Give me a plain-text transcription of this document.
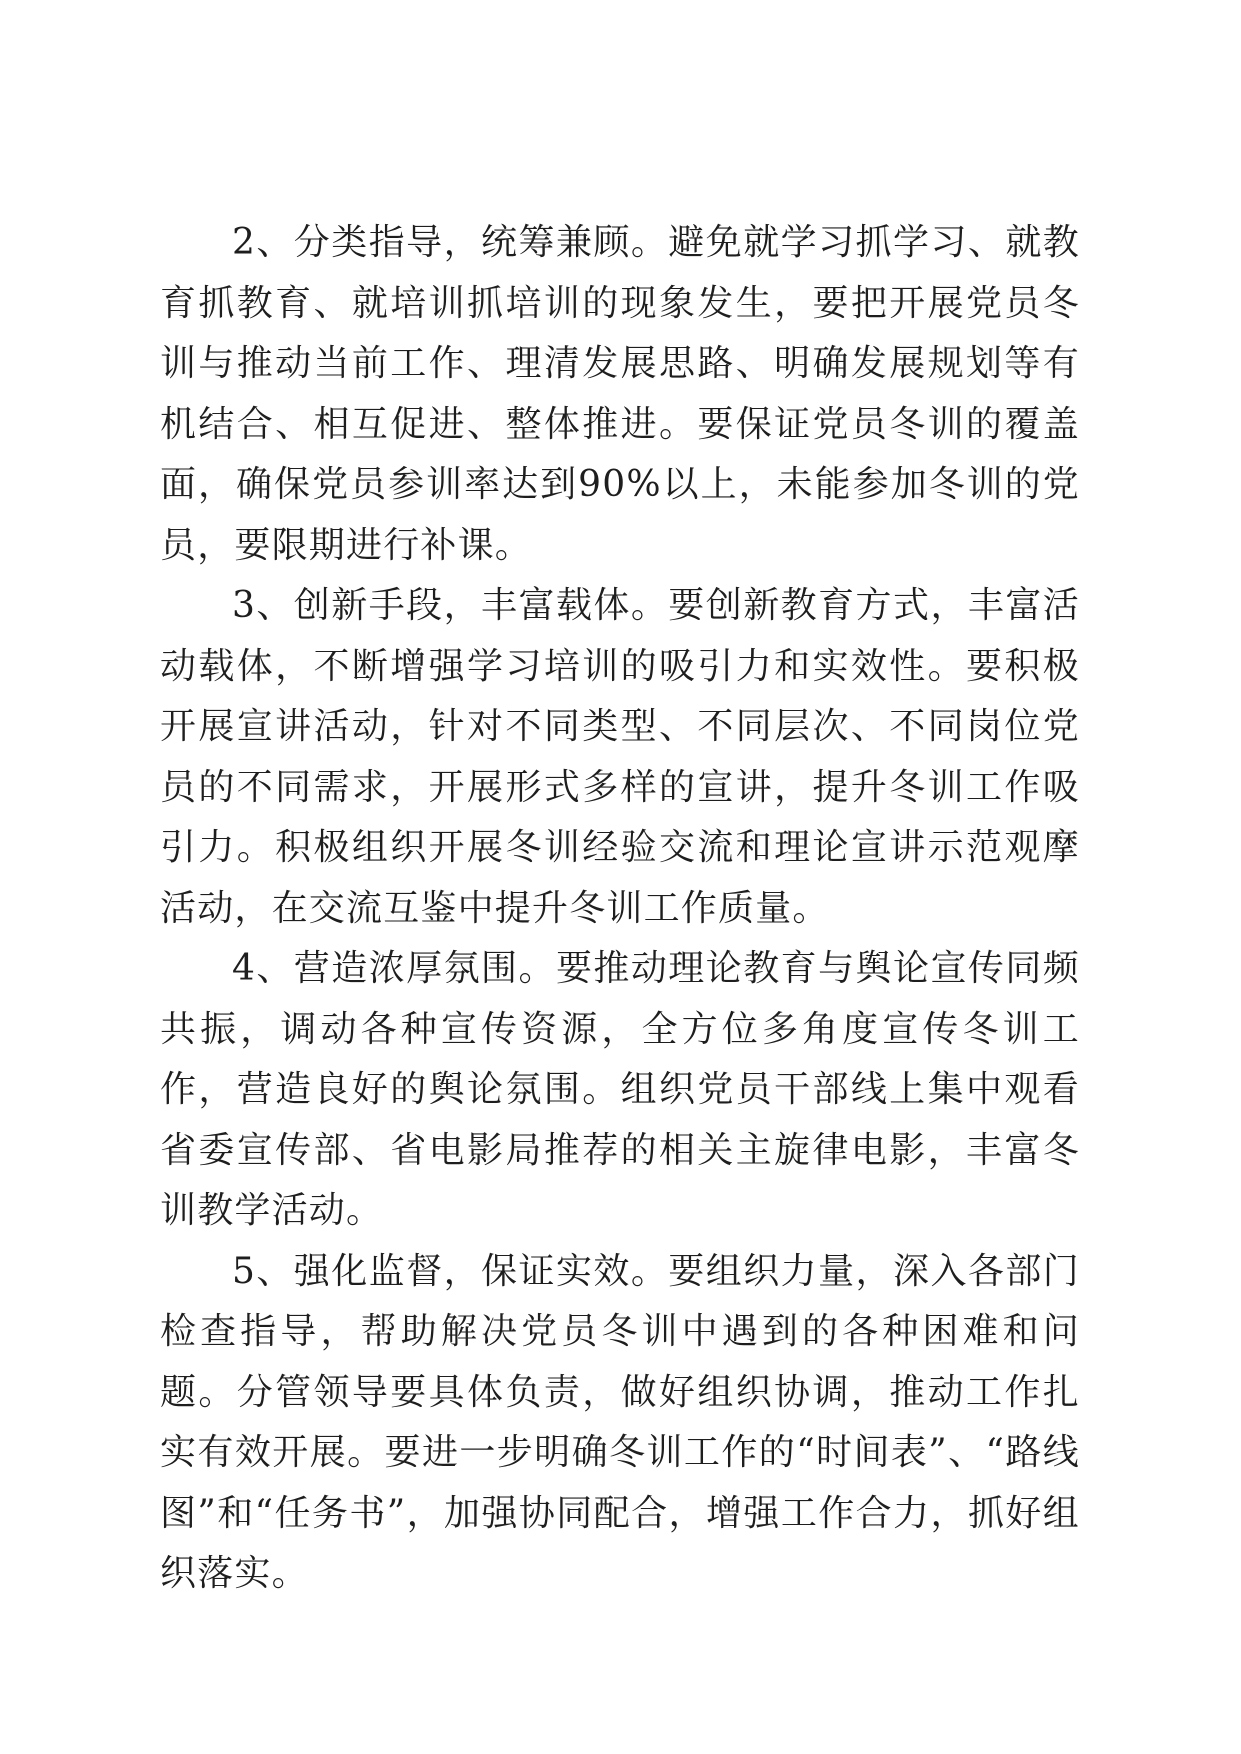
2、分类指导，统筹兼顾。避免就学习抓学习、就教育抓教育、就培训抓培训的现象发生，要把开展党员冬训与推动当前工作、理清发展思路、明确发展规划等有机结合、相互促进、整体推进。要保证党员冬训的覆盖面，确保党员参训率达到90%以上，未能参加冬训的党员，要限期进行补课。

3、创新手段，丰富载体。要创新教育方式，丰富活动载体，不断增强学习培训的吸引力和实效性。要积极开展宣讲活动，针对不同类型、不同层次、不同岗位党员的不同需求，开展形式多样的宣讲，提升冬训工作吸引力。积极组织开展冬训经验交流和理论宣讲示范观摩活动，在交流互鉴中提升冬训工作质量。

4、营造浓厚氛围。要推动理论教育与舆论宣传同频共振，调动各种宣传资源，全方位多角度宣传冬训工作，营造良好的舆论氛围。组织党员干部线上集中观看省委宣传部、省电影局推荐的相关主旋律电影，丰富冬训教学活动。

5、强化监督，保证实效。要组织力量，深入各部门检查指导，帮助解决党员冬训中遇到的各种困难和问题。分管领导要具体负责，做好组织协调，推动工作扎实有效开展。要进一步明确冬训工作的“时间表”、“路线图”和“任务书”，加强协同配合，增强工作合力，抓好组织落实。
